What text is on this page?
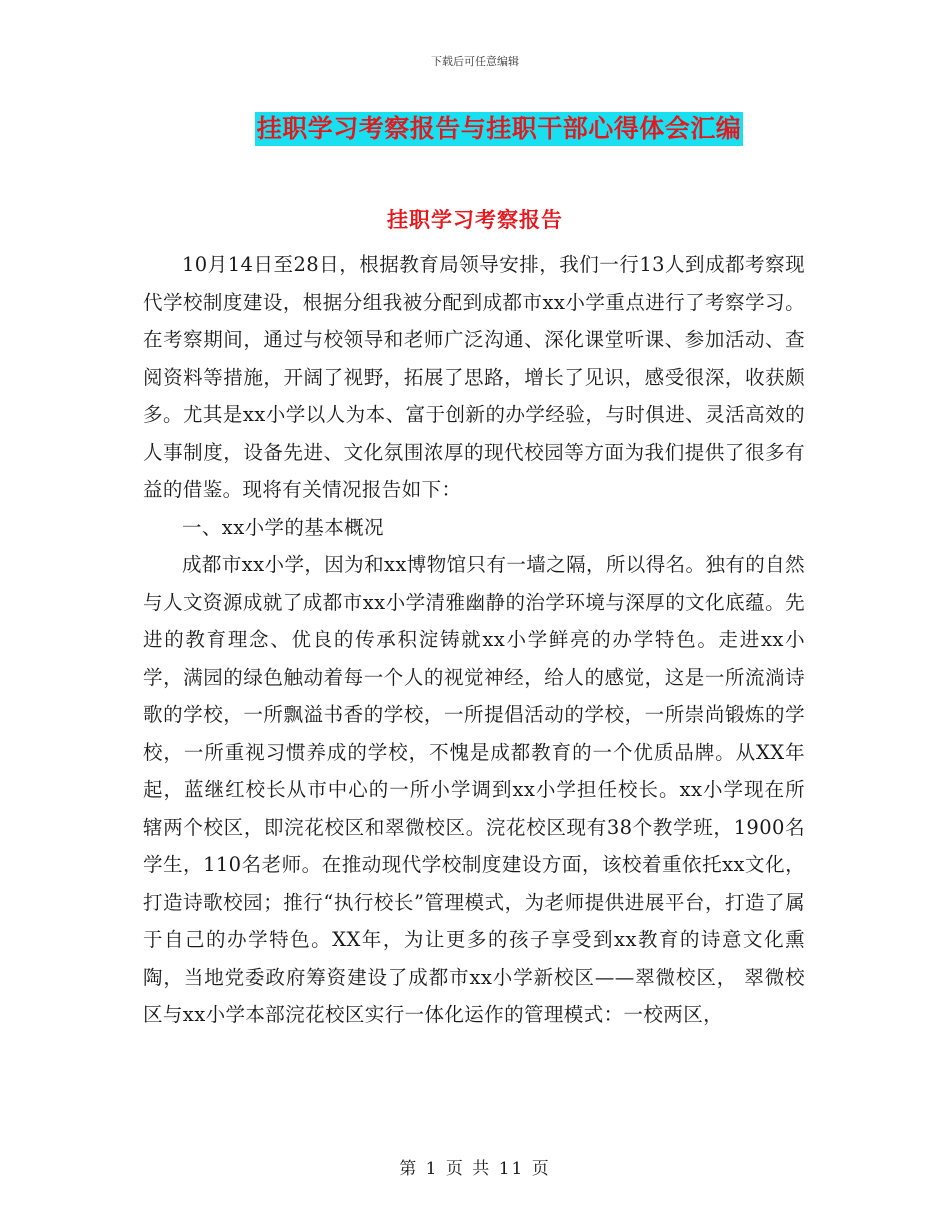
下载后可任意编辑
挂职学习考察报告与挂职干部心得体会汇编
挂职学习考察报告

10月14日至28日，根据教育局领导安排，我们一行13人到成都考察现代学校制度建设，根据分组我被分配到成都市xx小学重点进行了考察学习。在考察期间，通过与校领导和老师广泛沟通、深化课堂听课、参加活动、查阅资料等措施，开阔了视野，拓展了思路，增长了见识，感受很深，收获颇多。尤其是xx小学以人为本、富于创新的办学经验，与时俱进、灵活高效的人事制度，设备先进、文化氛围浓厚的现代校园等方面为我们提供了很多有益的借鉴。现将有关情况报告如下：

一、xx小学的基本概况

成都市xx小学，因为和xx博物馆只有一墙之隔，所以得名。独有的自然与人文资源成就了成都市xx小学清雅幽静的治学环境与深厚的文化底蕴。先进的教育理念、优良的传承积淀铸就xx小学鲜亮的办学特色。走进xx小学，满园的绿色触动着每一个人的视觉神经，给人的感觉，这是一所流淌诗歌的学校，一所飘溢书香的学校，一所提倡活动的学校，一所崇尚锻炼的学校，一所重视习惯养成的学校，不愧是成都教育的一个优质品牌。从XX年起，蓝继红校长从市中心的一所小学调到xx小学担任校长。xx小学现在所辖两个校区，即浣花校区和翠微校区。浣花校区现有38个教学班，1900名学生，110名老师。在推动现代学校制度建设方面，该校着重依托xx文化，打造诗歌校园；推行“执行校长”管理模式，为老师提供进展平台，打造了属于自己的办学特色。XX年，为让更多的孩子享受到xx教育的诗意文化熏陶，当地党委政府筹资建设了成都市xx小学新校区——翠微校区， 翠微校区与xx小学本部浣花校区实行一体化运作的管理模式：一校两区，

第 1 页 共 11 页
